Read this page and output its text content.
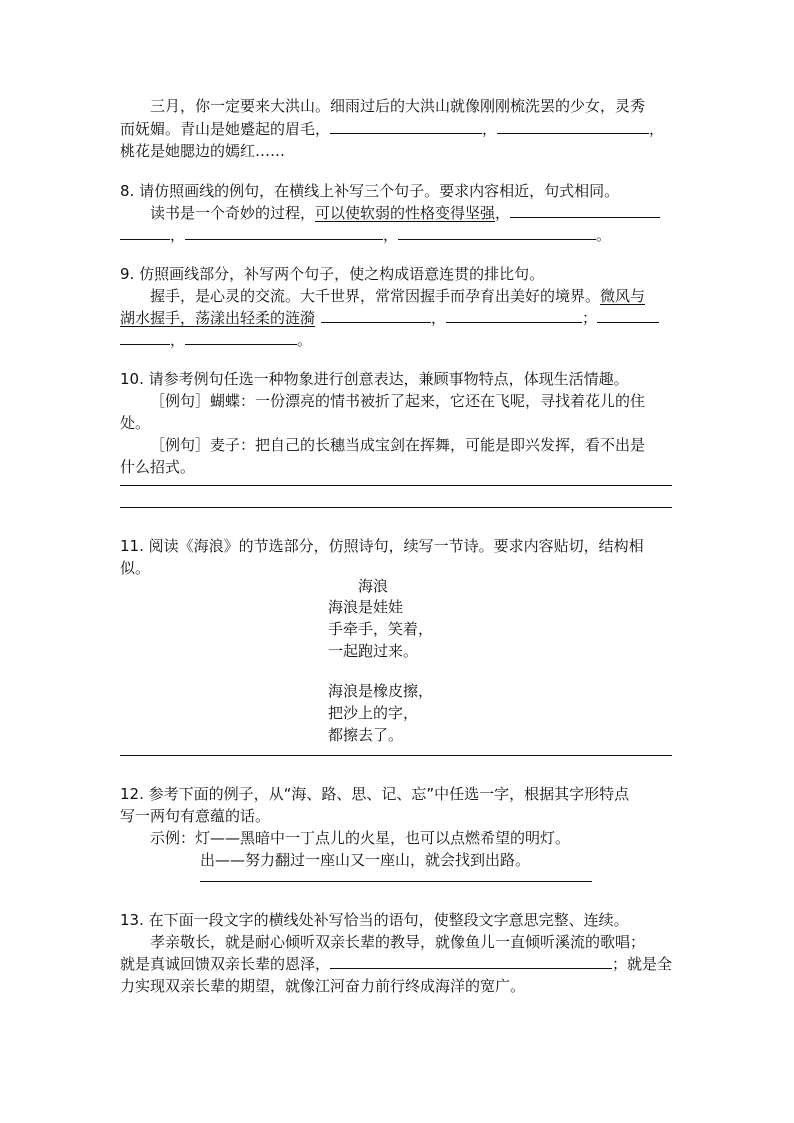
三月，你一定要来大洪山。细雨过后的大洪山就像刚刚梳洗罢的少女，灵秀
而妩媚。青山是她蹙起的眉毛，	，	，
桃花是她腮边的嫣红……
8. 请仿照画线的例句，在横线上补写三个句子。要求内容相近，句式相同。
读书是一个奇妙的过程，可以使软弱的性格变得坚强，
，	，	。
9. 仿照画线部分，补写两个句子，使之构成语意连贯的排比句。
握手，是心灵的交流。大千世界，常常因握手而孕育出美好的境界。微风与
湖水握手，荡漾出轻柔的涟漪	，	；
，	。
10. 请参考例句任选一种物象进行创意表达，兼顾事物特点，体现生活情趣。
［例句］蝴蝶：一份漂亮的情书被折了起来，它还在飞呢，寻找着花儿的住
处。
［例句］麦子：把自己的长穗当成宝剑在挥舞，可能是即兴发挥，看不出是
什么招式。
11. 阅读《海浪》的节选部分，仿照诗句，续写一节诗。要求内容贴切，结构相
似。
海浪
海浪是娃娃
手牵手，笑着，
一起跑过来。
海浪是橡皮擦，
把沙上的字，
都擦去了。
12. 参考下面的例子，从“海、路、思、记、忘”中任选一字，根据其字形特点
写一两句有意蕴的话。
示例：灯——黑暗中一丁点儿的火星，也可以点燃希望的明灯。
出——努力翻过一座山又一座山，就会找到出路。
13. 在下面一段文字的横线处补写恰当的语句，使整段文字意思完整、连续。
孝亲敬长，就是耐心倾听双亲长辈的教导，就像鱼儿一直倾听溪流的歌唱；
就是真诚回馈双亲长辈的恩泽，	；就是全
力实现双亲长辈的期望，就像江河奋力前行终成海洋的宽广。
